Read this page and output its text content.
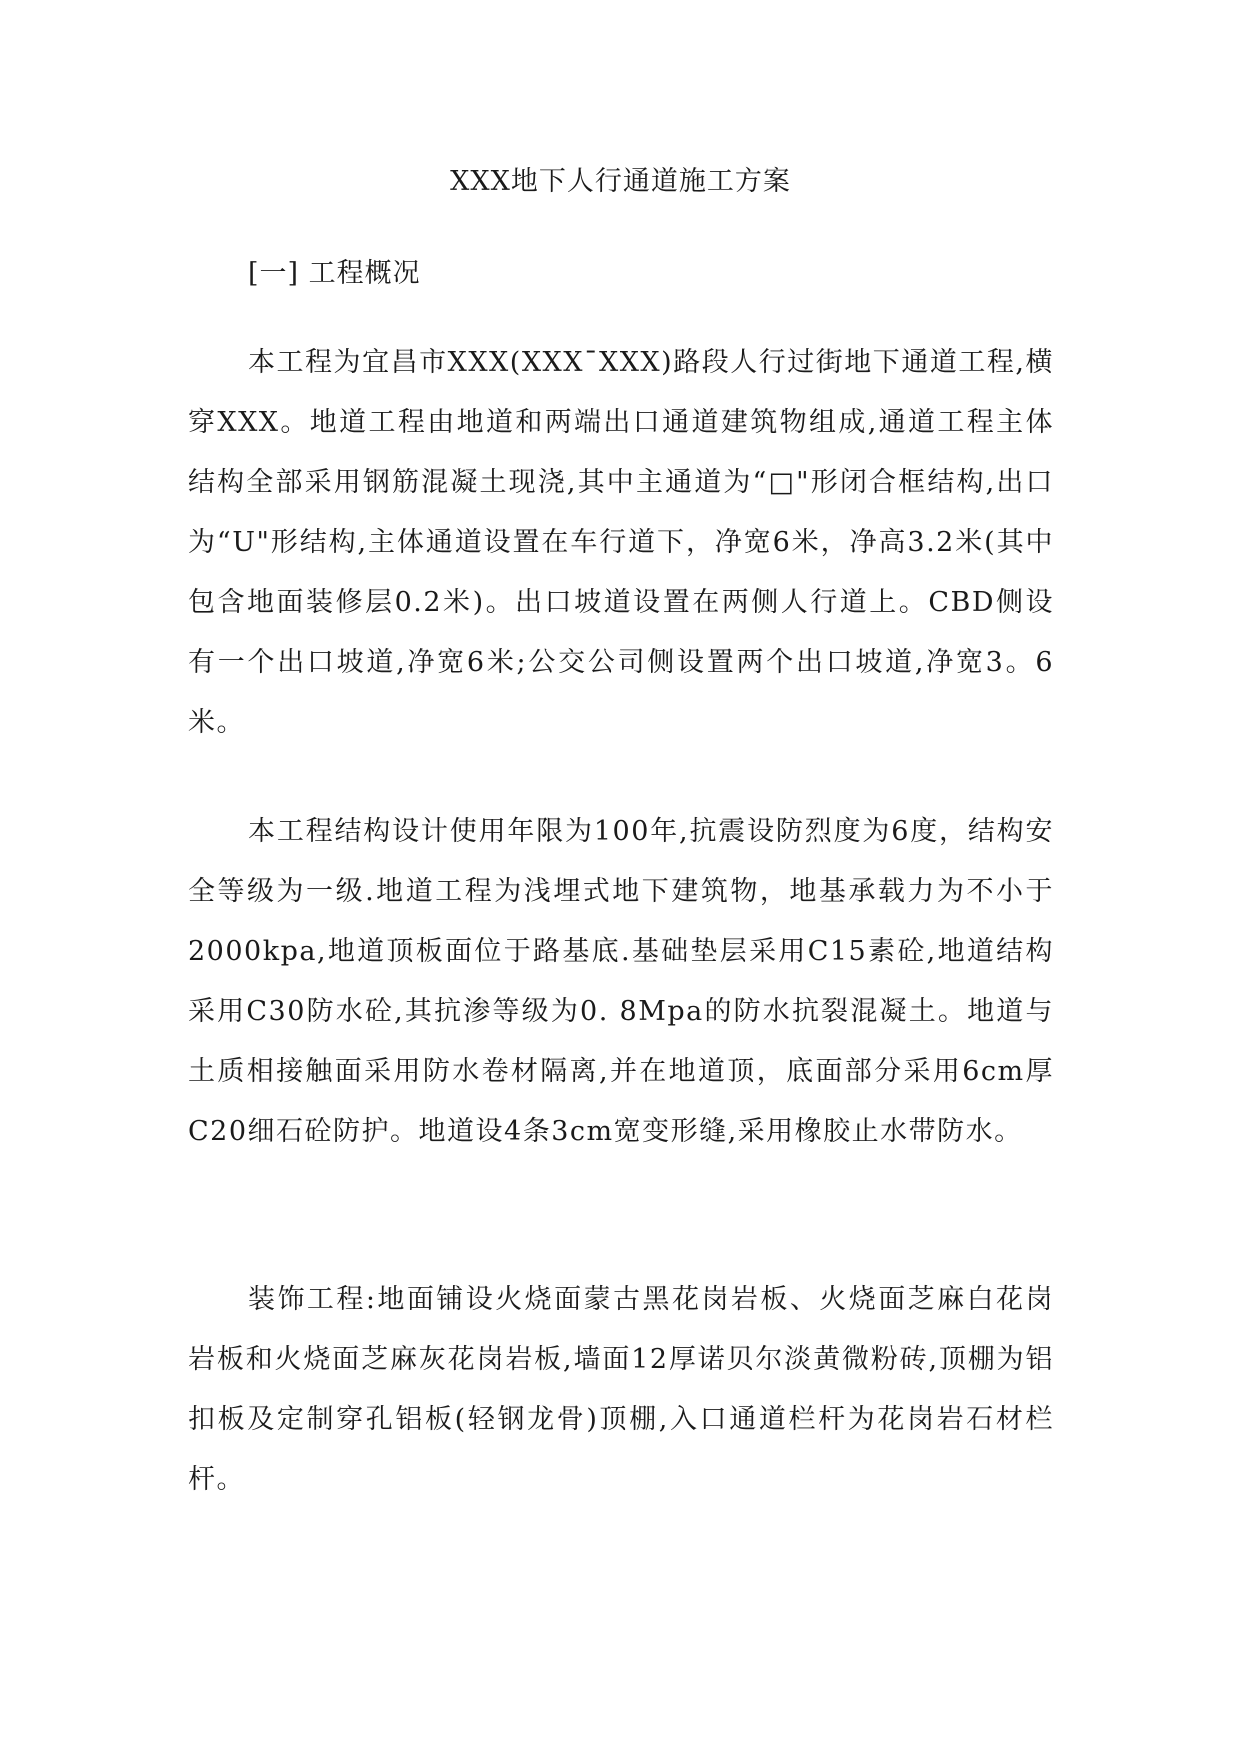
XXX地下人行通道施工方案
[一] 工程概况

本工程为宜昌市XXX(XXX¯XXX)路段人行过街地下通道工程,横穿XXX。地道工程由地道和两端出口通道建筑物组成,通道工程主体结构全部采用钢筋混凝土现浇,其中主通道为“□"形闭合框结构,出口为“U"形结构,主体通道设置在车行道下，净宽6米，净高3.2米(其中包含地面装修层0.2米)。出口坡道设置在两侧人行道上。CBD侧设有一个出口坡道,净宽6米;公交公司侧设置两个出口坡道,净宽3。6米。

本工程结构设计使用年限为100年,抗震设防烈度为6度，结构安全等级为一级.地道工程为浅埋式地下建筑物，地基承载力为不小于2000kpa,地道顶板面位于路基底.基础垫层采用C15素砼,地道结构采用C30防水砼,其抗渗等级为0. 8Mpa的防水抗裂混凝土。地道与土质相接触面采用防水卷材隔离,并在地道顶，底面部分采用6cm厚C20细石砼防护。地道设4条3cm宽变形缝,采用橡胶止水带防水。

装饰工程:地面铺设火烧面蒙古黑花岗岩板、火烧面芝麻白花岗岩板和火烧面芝麻灰花岗岩板,墙面12厚诺贝尔淡黄微粉砖,顶棚为铝扣板及定制穿孔铝板(轻钢龙骨)顶棚,入口通道栏杆为花岗岩石材栏杆。
